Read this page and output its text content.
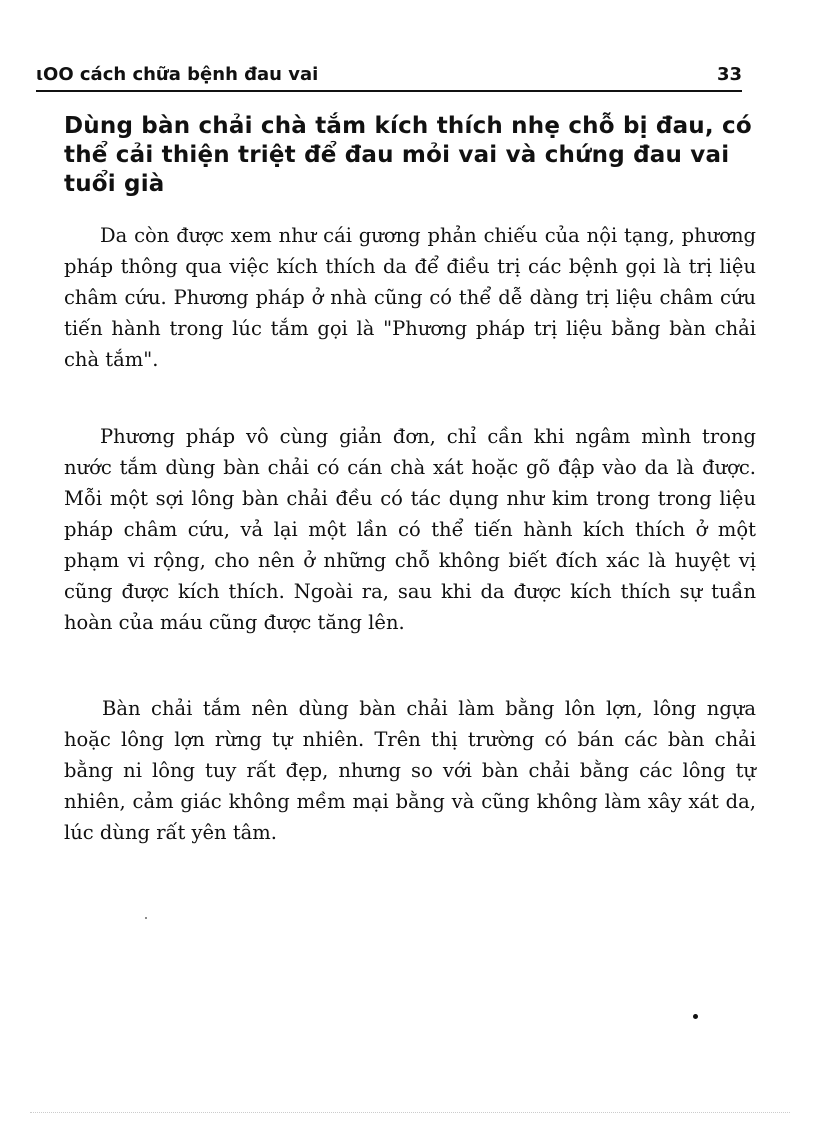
ιOO cách chữa bệnh đau vai	33
Dùng bàn chải chà tắm kích thích nhẹ chỗ bị đau, có thể cải thiện triệt để đau mỏi vai và chứng đau vai tuổi già

Da còn được xem như cái gương phản chiếu của nội tạng, phương pháp thông qua việc kích thích da để điều trị các bệnh gọi là trị liệu châm cứu. Phương pháp ở nhà cũng có thể dễ dàng trị liệu châm cứu tiến hành trong lúc tắm gọi là "Phương pháp trị liệu bằng bàn chải chà tắm".

Phương pháp vô cùng giản đơn, chỉ cần khi ngâm mình trong nước tắm dùng bàn chải có cán chà xát hoặc gõ đập vào da là được. Mỗi một sợi lông bàn chải đều có tác dụng như kim trong trong liệu pháp châm cứu, vả lại một lần có thể tiến hành kích thích ở một phạm vi rộng, cho nên ở những chỗ không biết đích xác là huyệt vị cũng được kích thích. Ngoài ra, sau khi da được kích thích sự tuần hoàn của máu cũng được tăng lên.

Bàn chải tắm nên dùng bàn chải làm bằng lôn lợn, lông ngựa hoặc lông lợn rừng tự nhiên. Trên thị trường có bán các bàn chải bằng ni lông tuy rất đẹp, nhưng so với bàn chải bằng các lông tự nhiên, cảm giác không mềm mại bằng và cũng không làm xây xát da, lúc dùng rất yên tâm.
